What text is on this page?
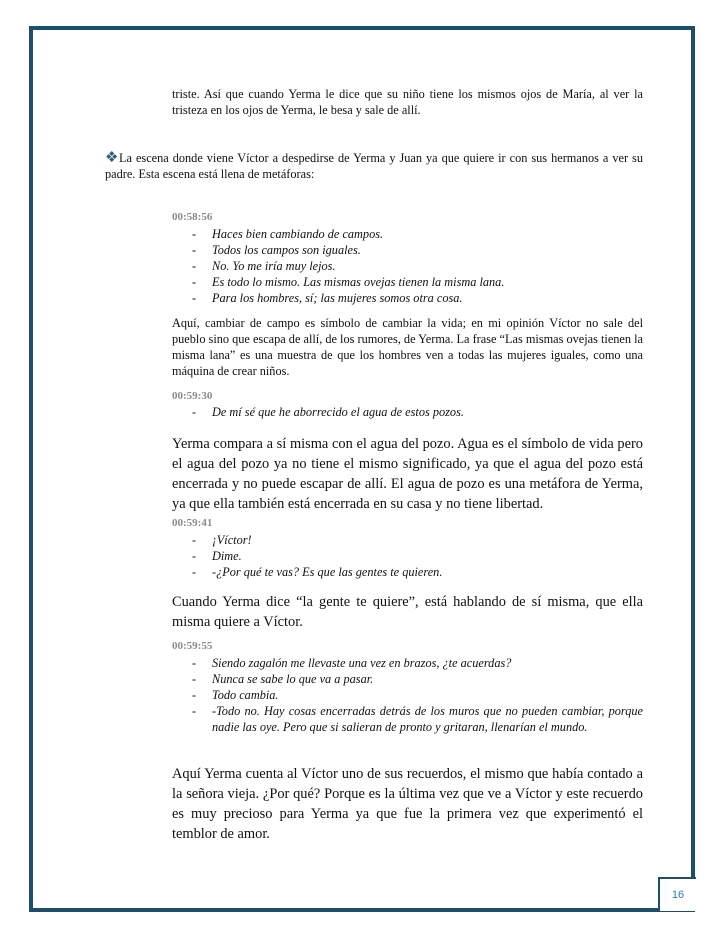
triste. Así que cuando Yerma le dice que su niño tiene los mismos ojos de María, al ver la tristeza en los ojos de Yerma, le besa y sale de allí.
❖ La escena donde viene Víctor a despedirse de Yerma y Juan ya que quiere ir con sus hermanos a ver su padre. Esta escena está llena de metáforas:
00:58:56
- Haces bien cambiando de campos.
- Todos los campos son iguales.
- No. Yo me iría muy lejos.
- Es todo lo mismo. Las mismas ovejas tienen la misma lana.
- Para los hombres, sí; las mujeres somos otra cosa.
Aquí, cambiar de campo es símbolo de cambiar la vida; en mi opinión Víctor no sale del pueblo sino que escapa de allí, de los rumores, de Yerma. La frase “Las mismas ovejas tienen la misma lana” es una muestra de que los hombres ven a todas las mujeres iguales, como una máquina de crear niños.
00:59:30
- De mí sé que he aborrecido el agua de estos pozos.
Yerma compara a sí misma con el agua del pozo. Agua es el símbolo de vida pero el agua del pozo ya no tiene el mismo significado, ya que el agua del pozo está encerrada y no puede escapar de allí. El agua de pozo es una metáfora de Yerma, ya que ella también está encerrada en su casa y no tiene libertad.
00:59:41
- ¡Víctor!
- Dime.
- -¿Por qué te vas? Es que las gentes te quieren.
Cuando Yerma dice “la gente te quiere”, está hablando de sí misma, que ella misma quiere a Víctor.
00:59:55
- Siendo zagalón me llevaste una vez en brazos, ¿te acuerdas?
- Nunca se sabe lo que va a pasar.
- Todo cambia.
- -Todo no. Hay cosas encerradas detrás de los muros que no pueden cambiar, porque nadie las oye. Pero que si salieran de pronto y gritaran, llenarían el mundo.
Aquí Yerma cuenta al Víctor uno de sus recuerdos, el mismo que había contado a la señora vieja. ¿Por qué? Porque es la última vez que ve a Víctor y este recuerdo es muy precioso para Yerma ya que fue la primera vez que experimentó el temblor de amor.
16
